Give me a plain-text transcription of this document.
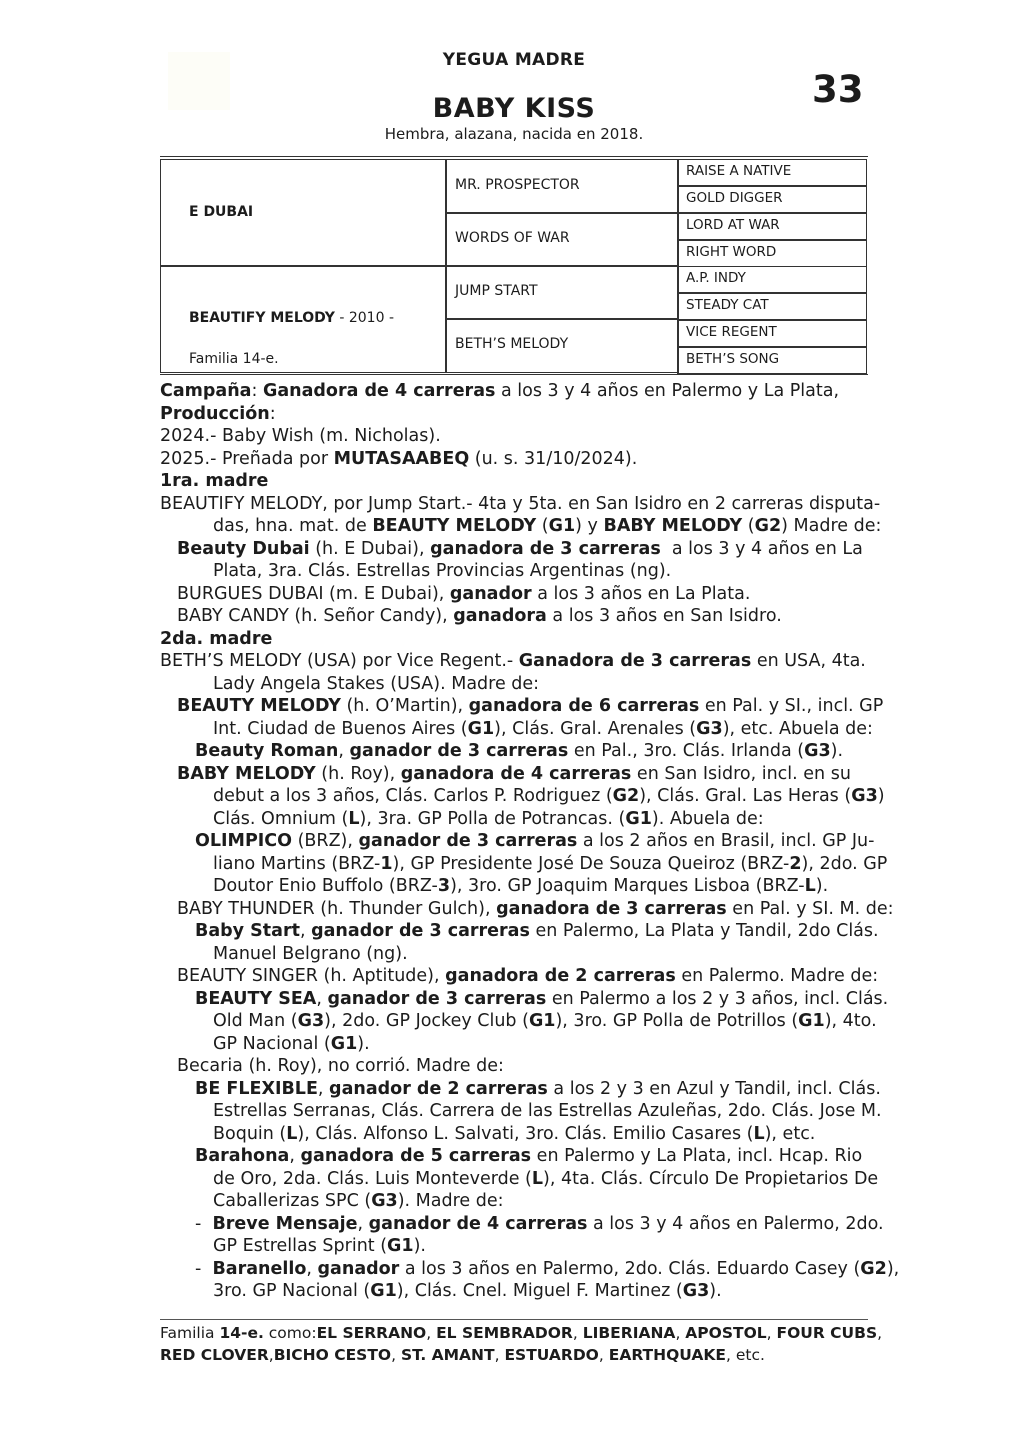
YEGUA MADRE
33
BABY KISS
Hembra, alazana, nacida en 2018.
E DUBAI
BEAUTIFY MELODY - 2010 -
Familia 14-e.
MR. PROSPECTOR
WORDS OF WAR
JUMP START
BETH’S MELODY
RAISE A NATIVE
GOLD DIGGER
LORD AT WAR
RIGHT WORD
A.P. INDY
STEADY CAT
VICE REGENT
BETH’S SONG

Campaña: Ganadora de 4 carreras a los 3 y 4 años en Palermo y La Plata,

Producción:

2024.- Baby Wish (m. Nicholas).

2025.- Preñada por MUTASAABEQ (u. s. 31/10/2024).

1ra. madre

BEAUTIFY MELODY, por Jump Start.- 4ta y 5ta. en San Isidro en 2 carreras disputa-

das, hna. mat. de BEAUTY MELODY (G1) y BABY MELODY (G2) Madre de:

Beauty Dubai (h. E Dubai), ganadora de 3 carreras  a los 3 y 4 años en La

Plata, 3ra. Clás. Estrellas Provincias Argentinas (ng).

BURGUES DUBAI (m. E Dubai), ganador a los 3 años en La Plata.

BABY CANDY (h. Señor Candy), ganadora a los 3 años en San Isidro.

2da. madre

BETH’S MELODY (USA) por Vice Regent.- Ganadora de 3 carreras en USA, 4ta.

Lady Angela Stakes (USA). Madre de:

BEAUTY MELODY (h. O’Martin), ganadora de 6 carreras en Pal. y SI., incl. GP

Int. Ciudad de Buenos Aires (G1), Clás. Gral. Arenales (G3), etc. Abuela de:

Beauty Roman, ganador de 3 carreras en Pal., 3ro. Clás. Irlanda (G3).

BABY MELODY (h. Roy), ganadora de 4 carreras en San Isidro, incl. en su

debut a los 3 años, Clás. Carlos P. Rodriguez (G2), Clás. Gral. Las Heras (G3)

Clás. Omnium (L), 3ra. GP Polla de Potrancas. (G1). Abuela de:

OLIMPICO (BRZ), ganador de 3 carreras a los 2 años en Brasil, incl. GP Ju-

liano Martins (BRZ-1), GP Presidente José De Souza Queiroz (BRZ-2), 2do. GP

Doutor Enio Buffolo (BRZ-3), 3ro. GP Joaquim Marques Lisboa (BRZ-L).

BABY THUNDER (h. Thunder Gulch), ganadora de 3 carreras en Pal. y SI. M. de:

Baby Start, ganador de 3 carreras en Palermo, La Plata y Tandil, 2do Clás.

Manuel Belgrano (ng).

BEAUTY SINGER (h. Aptitude), ganadora de 2 carreras en Palermo. Madre de:

BEAUTY SEA, ganador de 3 carreras en Palermo a los 2 y 3 años, incl. Clás.

Old Man (G3), 2do. GP Jockey Club (G1), 3ro. GP Polla de Potrillos (G1), 4to.

GP Nacional (G1).

Becaria (h. Roy), no corrió. Madre de:

BE FLEXIBLE, ganador de 2 carreras a los 2 y 3 en Azul y Tandil, incl. Clás.

Estrellas Serranas, Clás. Carrera de las Estrellas Azuleñas, 2do. Clás. Jose M.

Boquin (L), Clás. Alfonso L. Salvati, 3ro. Clás. Emilio Casares (L), etc.

Barahona, ganadora de 5 carreras en Palermo y La Plata, incl. Hcap. Rio

de Oro, 2da. Clás. Luis Monteverde (L), 4ta. Clás. Círculo De Propietarios De

Caballerizas SPC (G3). Madre de:

-  Breve Mensaje, ganador de 4 carreras a los 3 y 4 años en Palermo, 2do.

GP Estrellas Sprint (G1).

-  Baranello, ganador a los 3 años en Palermo, 2do. Clás. Eduardo Casey (G2),

3ro. GP Nacional (G1), Clás. Cnel. Miguel F. Martinez (G3).

Familia 14-e. como:EL SERRANO, EL SEMBRADOR, LIBERIANA, APOSTOL, FOUR CUBS,

RED CLOVER,BICHO CESTO, ST. AMANT, ESTUARDO, EARTHQUAKE, etc.
